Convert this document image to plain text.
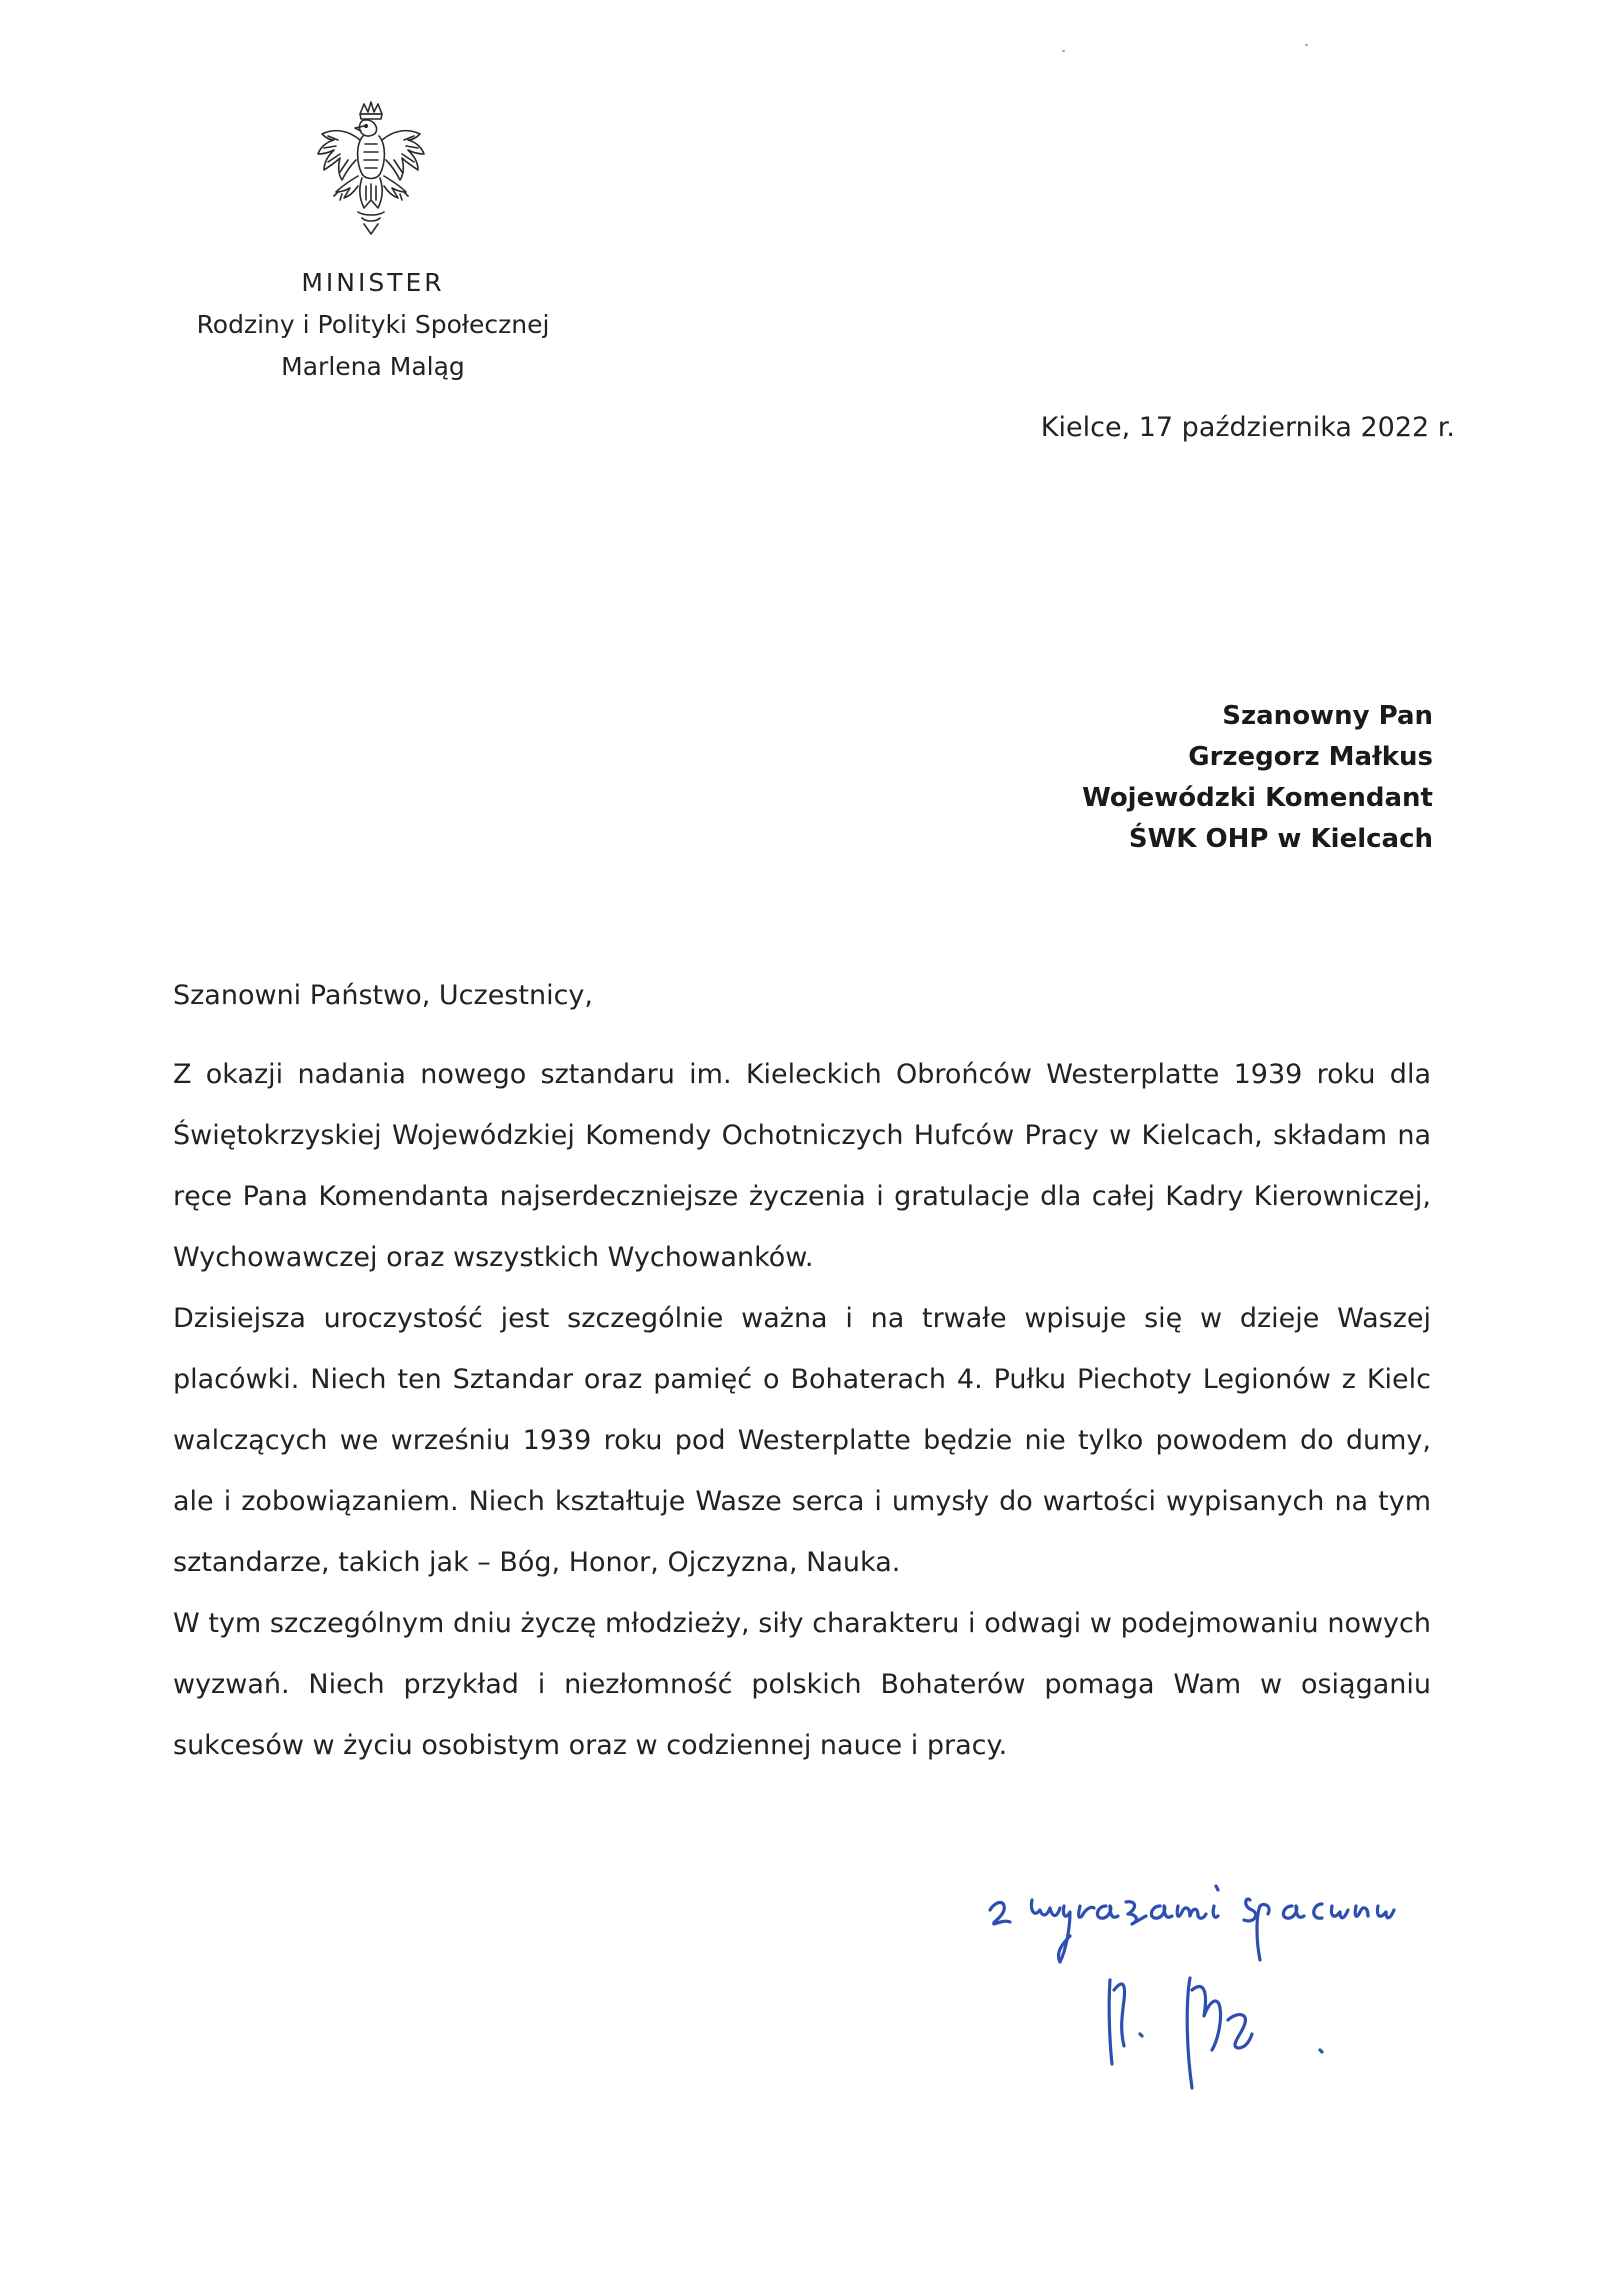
MINISTER
Rodziny i Polityki Społecznej
Marlena Maląg
Kielce, 17 października 2022 r.
Szanowny Pan
Grzegorz Małkus
Wojewódzki Komendant
ŚWK OHP w Kielcach
Szanowni Państwo, Uczestnicy,

Z okazji nadania nowego sztandaru im. Kieleckich Obrońców Westerplatte 1939 roku dla Świętokrzyskiej Wojewódzkiej Komendy Ochotniczych Hufców Pracy w Kielcach, składam na ręce Pana Komendanta najserdeczniejsze życzenia i gratulacje dla całej Kadry Kierowniczej, Wychowawczej oraz wszystkich Wychowanków.

Dzisiejsza uroczystość jest szczególnie ważna i na trwałe wpisuje się w dzieje Waszej placówki. Niech ten Sztandar oraz pamięć o Bohaterach 4. Pułku Piechoty Legionów z Kielc walczących we wrześniu 1939 roku pod Westerplatte będzie nie tylko powodem do dumy, ale i zobowiązaniem. Niech kształtuje Wasze serca i umysły do wartości wypisanych na tym sztandarze, takich jak – Bóg, Honor, Ojczyzna, Nauka.

W tym szczególnym dniu życzę młodzieży, siły charakteru i odwagi w podejmowaniu nowych wyzwań. Niech przykład i niezłomność polskich Bohaterów pomaga Wam w osiąganiu sukcesów w życiu osobistym oraz w codziennej nauce i pracy.
